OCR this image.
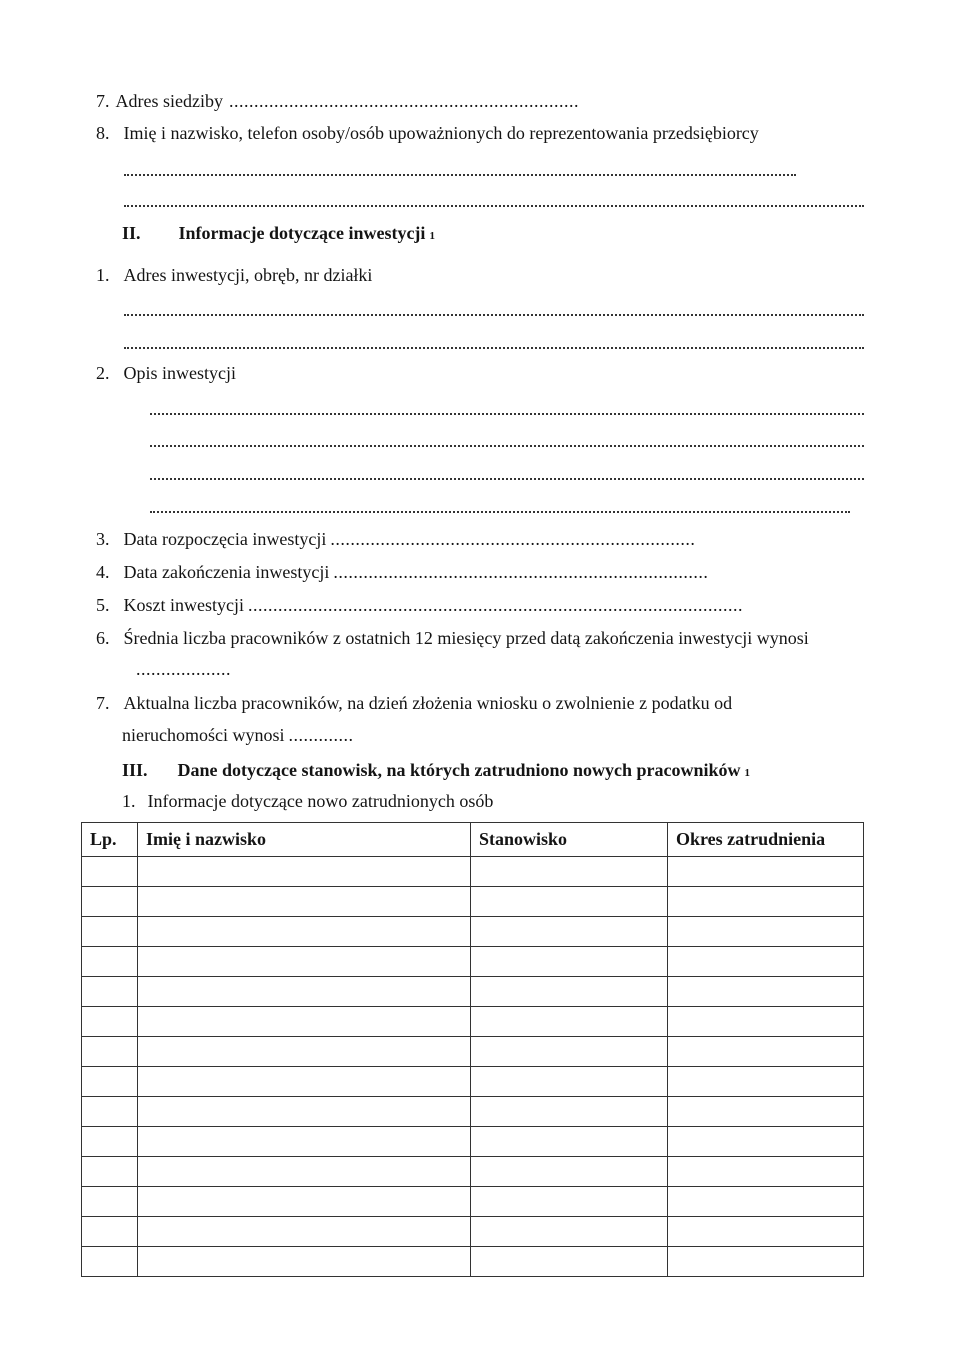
7. Adres siedziby ......................................................................
8. Imię i nazwisko, telefon osoby/osób upoważnionych do reprezentowania przedsiębiorcy
II. Informacje dotyczące inwestycji 1
1. Adres inwestycji, obręb, nr działki
2. Opis inwestycji
3. Data rozpoczęcia inwestycji .........................................................................
4. Data zakończenia inwestycji ...........................................................................
5. Koszt inwestycji ...................................................................................................
6. Średnia liczba pracowników z ostatnich 12 miesięcy przed datą zakończenia inwestycji wynosi
...................
7. Aktualna liczba pracowników, na dzień złożenia wniosku o zwolnienie z podatku od
nieruchomości wynosi .............
III. Dane dotyczące stanowisk, na których zatrudniono nowych pracowników 1
1. Informacje dotyczące nowo zatrudnionych osób
Lp.	Imię i nazwisko	Stanowisko	Okres zatrudnienia
